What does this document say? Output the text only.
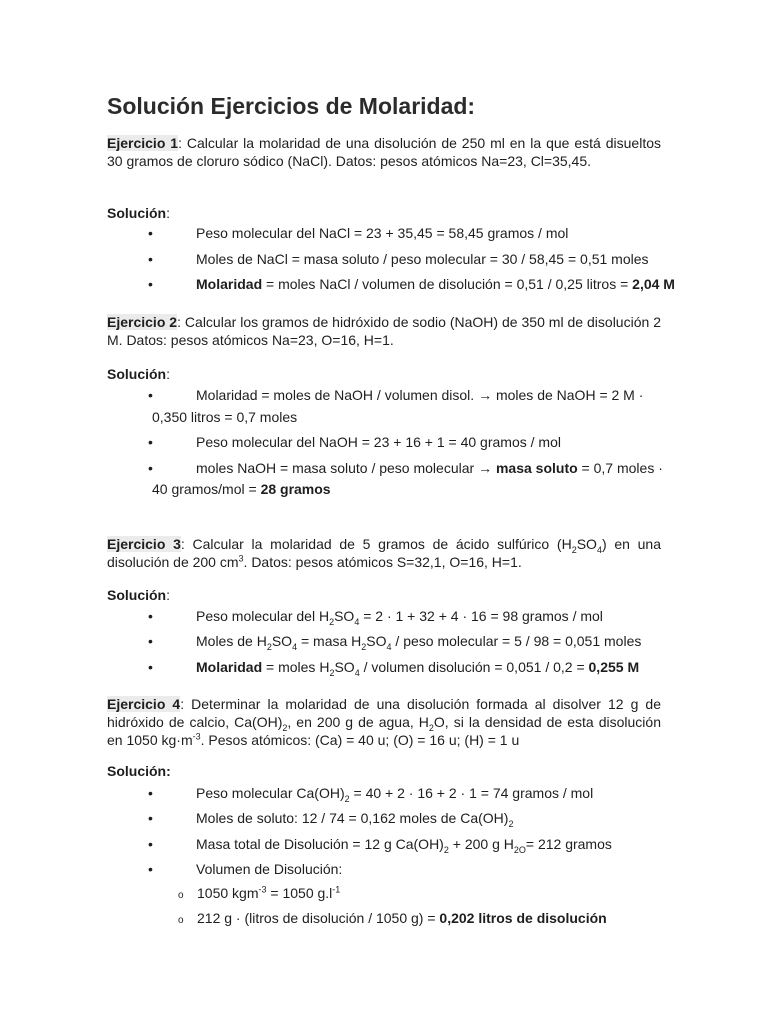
Solución Ejercicios de Molaridad:

Ejercicio 1: Calcular la molaridad de una disolución de 250 ml en la que está disueltos 30 gramos de cloruro sódico (NaCl). Datos: pesos atómicos Na=23, Cl=35,45.

Solución:

•	Peso molecular del NaCl = 23 + 35,45 = 58,45 gramos / mol
•	Moles de NaCl = masa soluto / peso molecular = 30 / 58,45 = 0,51 moles
•	Molaridad = moles NaCl / volumen de disolución = 0,51 / 0,25 litros = 2,04 M

Ejercicio 2: Calcular los gramos de hidróxido de sodio (NaOH) de 350 ml de disolución 2 M. Datos: pesos atómicos Na=23, O=16, H=1.

Solución:

•	Molaridad = moles de NaOH / volumen disol. → moles de NaOH = 2 M ·
0,350 litros = 0,7 moles
•	Peso molecular del NaOH = 23 + 16 + 1 = 40 gramos / mol
•	moles NaOH = masa soluto / peso molecular → masa soluto = 0,7 moles ·
40 gramos/mol = 28 gramos

Ejercicio 3: Calcular la molaridad de 5 gramos de ácido sulfúrico $(H_2SO_4)$ en una disolución de 200 $cm^3$. Datos: pesos atómicos S=32,1, O=16, H=1.

Solución:

•	Peso molecular del $H_2SO_4 = 2 \cdot 1 + 32 + 4 \cdot 16 = 98$ gramos / mol
•	Moles de $H_2SO_4$ = masa $H_2SO_4$ / peso molecular = 5 / 98 = 0,051 moles
•	Molaridad = moles $H_2SO_4$ / volumen disolución = 0,051 / 0,2 = 0,255 M

Ejercicio 4: Determinar la molaridad de una disolución formada al disolver 12 g de hidróxido de calcio, $Ca(OH)_2$, en 200 g de agua, $H_2O$, si la densidad de esta disolución en 1050 $kg\cdot m^{-3}$. Pesos atómicos: (Ca) = 40 u; (O) = 16 u; (H) = 1 u

Solución:

•	Peso molecular $Ca(OH)_2 = 40 + 2 \cdot 16 + 2 \cdot 1 = 74$ gramos / mol
•	Moles de soluto: 12 / 74 = 0,162 moles de $Ca(OH)_2$
•	Masa total de Disolución = 12 g $Ca(OH)_2 + 200$ g $H_{2O}= 212$ gramos
•	Volumen de Disolución:
o 1050 kgm$^{-3}$ = 1050 $g.l^{-1}$
o 212 g · (litros de disolución / 1050 g) = 0,202 litros de disolución
